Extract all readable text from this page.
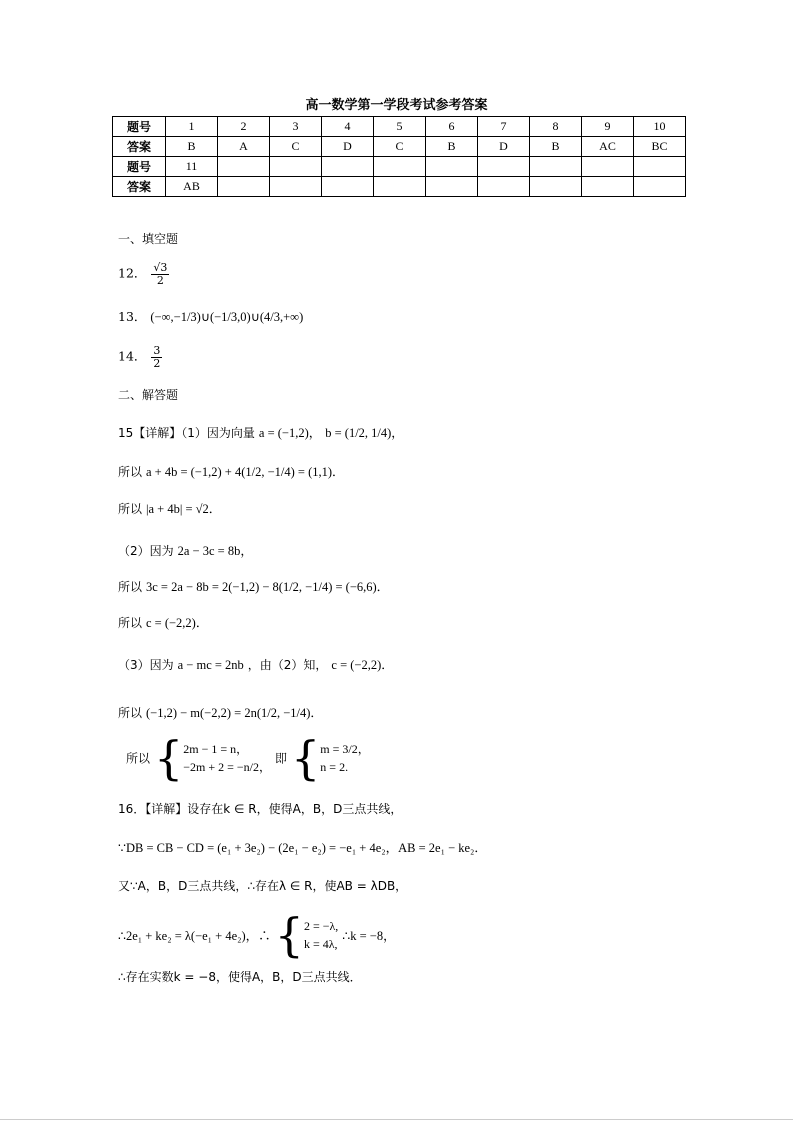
高一数学第一学段考试参考答案
题号	1	2	3	4	5	6	7	8	9	10
答案	B	A	C	D	C	B	D	B	AC	BC
题号	11									
答案	AB									
一、填空题
12． $\frac{√3}{2}$
13． (−∞,−1/3)∪(−1/3,0)∪(4/3,+∞)
14． $\frac{3}{2}$
二、解答题
15【详解】（1）因为向量 a = (−1,2)， b = (1/2, 1/4)，
所以 a + 4b = (−1,2) + 4(1/2, −1/4) = (1,1)．
所以 |a + 4b| = √2．
（2）因为 2a − 3c = 8b，
所以 3c = 2a − 8b = 2(−1,2) − 8(1/2, −1/4) = (−6,6)．
所以 c = (−2,2)．
（3）因为 a − mc = 2nb ，由（2）知， c = (−2,2)．
所以 (−1,2) − m(−2,2) = 2n(1/2, −1/4)．
所以 { 2m − 1 = n，
−2m + 2 = −n/2，
即 { m = 3/2，
n = 2.
16．【详解】设存在k ∈ R，使得A，B，D三点共线，
∵DB = CB − CD = (e₁ + 3e₂) − (2e₁ − e₂) = −e₁ + 4e₂，AB = 2e₁ − ke₂．
又∵A，B，D三点共线，∴存在λ ∈ R，使AB = λDB，
∴2e₁ + ke₂ = λ(−e₁ + 4e₂)，∴ { 2 = −λ,
k = 4λ,
∴k = −8，
∴存在实数k = −8，使得A，B，D三点共线．
